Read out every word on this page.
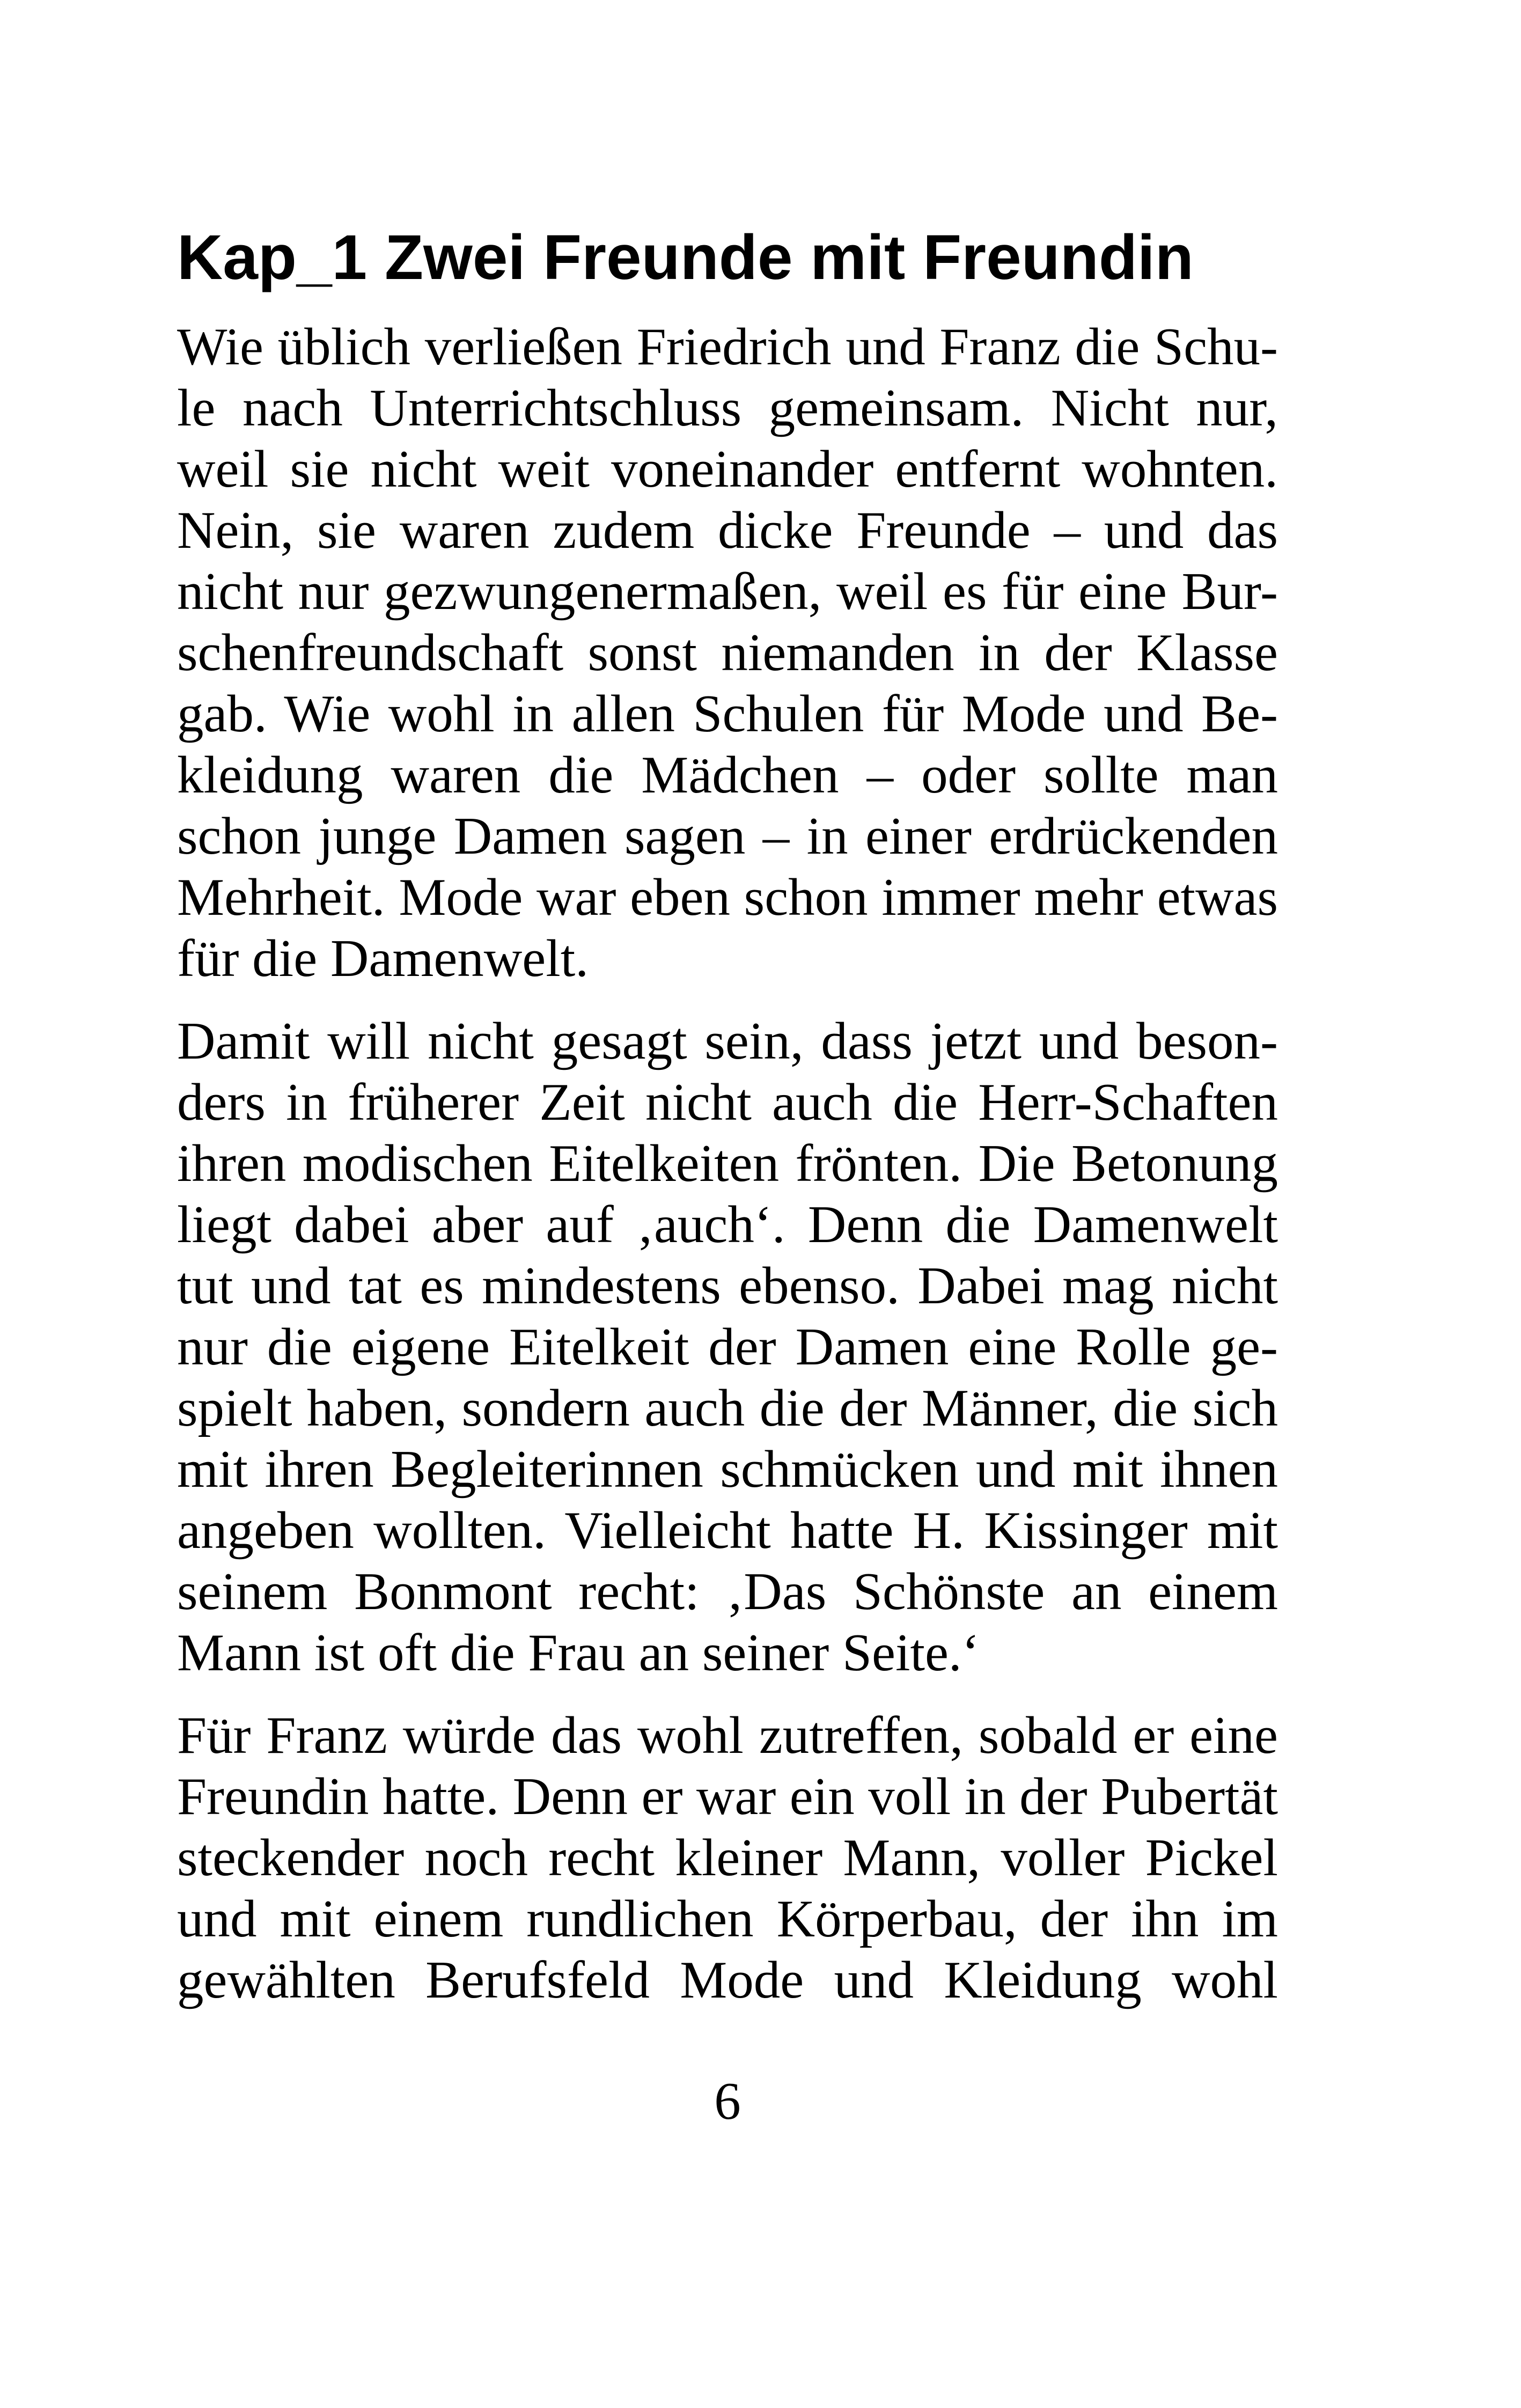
Kap_1 Zwei Freunde mit Freundin

Wie üblich verließen Friedrich und Franz die Schu-
le nach Unterrichtschluss gemeinsam. Nicht nur,
weil sie nicht weit voneinander entfernt wohnten.
Nein, sie waren zudem dicke Freunde – und das
nicht nur gezwungenermaßen, weil es für eine Bur-
schenfreundschaft sonst niemanden in der Klasse
gab. Wie wohl in allen Schulen für Mode und Be-
kleidung waren die Mädchen – oder sollte man
schon junge Damen sagen – in einer erdrückenden
Mehrheit. Mode war eben schon immer mehr etwas
für die Damenwelt.

Damit will nicht gesagt sein, dass jetzt und beson-
ders in früherer Zeit nicht auch die Herr-Schaften
ihren modischen Eitelkeiten frönten. Die Betonung
liegt dabei aber auf ‚auch‘. Denn die Damenwelt
tut und tat es mindestens ebenso. Dabei mag nicht
nur die eigene Eitelkeit der Damen eine Rolle ge-
spielt haben, sondern auch die der Männer, die sich
mit ihren Begleiterinnen schmücken und mit ihnen
angeben wollten. Vielleicht hatte H. Kissinger mit
seinem Bonmont recht: ‚Das Schönste an einem
Mann ist oft die Frau an seiner Seite.‘

Für Franz würde das wohl zutreffen, sobald er eine
Freundin hatte. Denn er war ein voll in der Pubertät
steckender noch recht kleiner Mann, voller Pickel
und mit einem rundlichen Körperbau, der ihn im
gewählten Berufsfeld Mode und Kleidung wohl

6
